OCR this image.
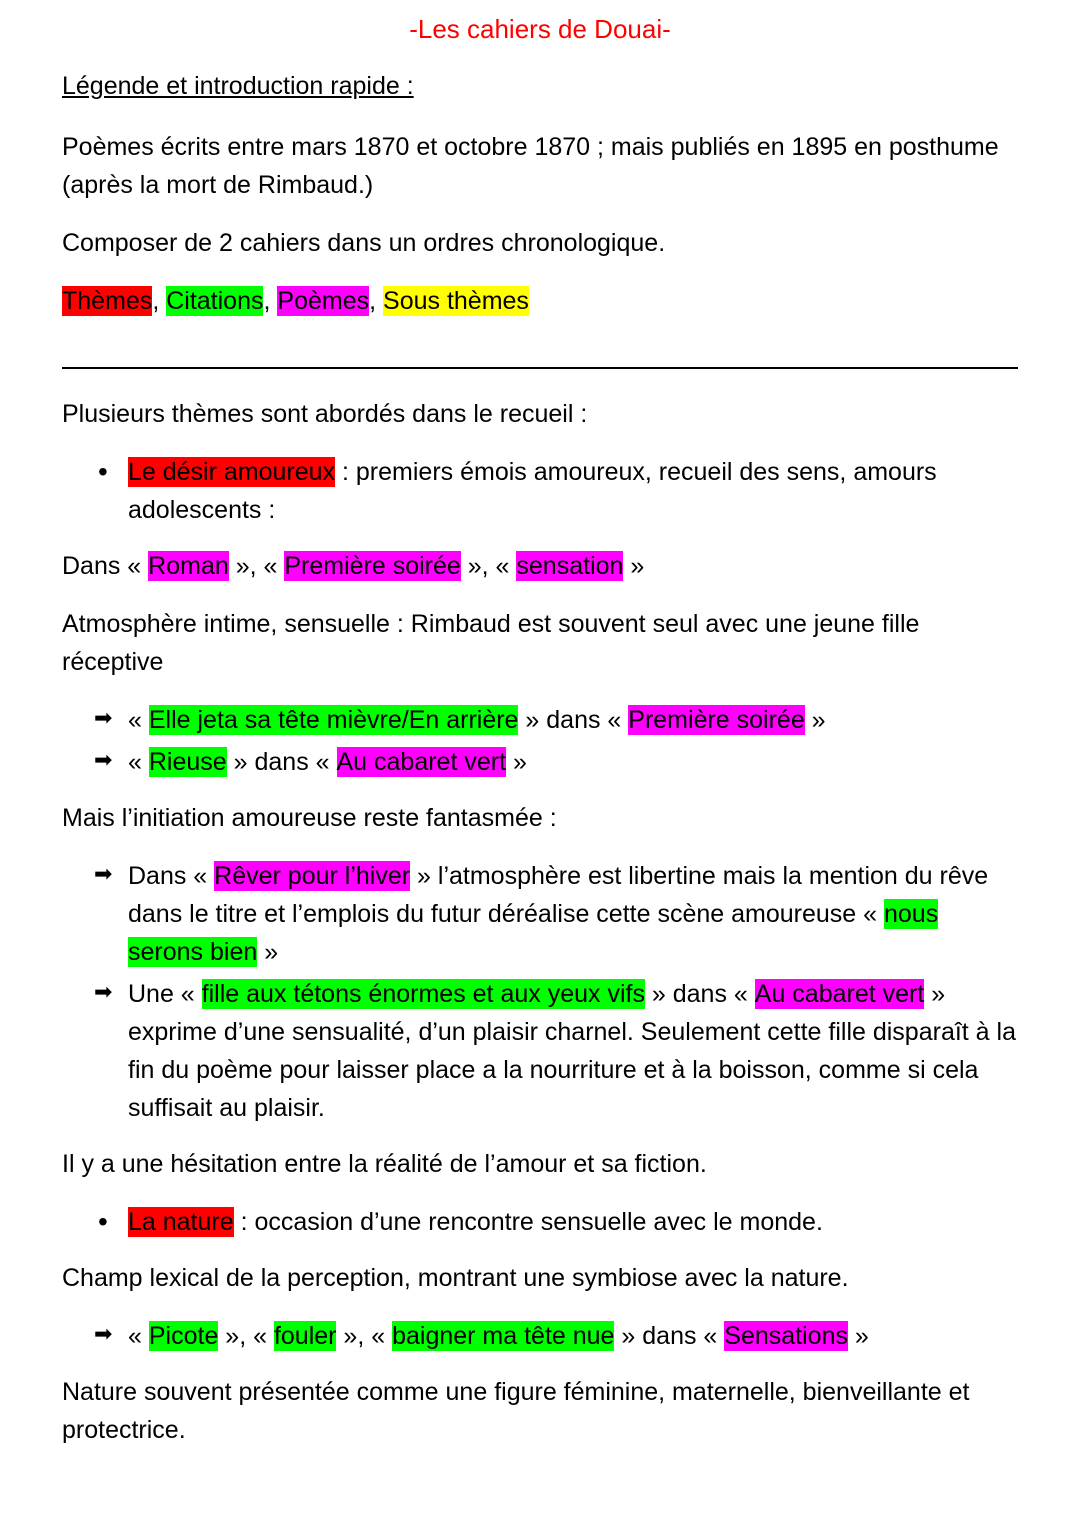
-Les cahiers de Douai-
Légende et introduction rapide :

Poèmes écrits entre mars 1870 et octobre 1870 ; mais publiés en 1895 en posthume (après la mort de Rimbaud.)

Composer de 2 cahiers dans un ordres chronologique.

Thèmes, Citations, Poèmes, Sous thèmes

Plusieurs thèmes sont abordés dans le recueil :

• Le désir amoureux : premiers émois amoureux, recueil des sens, amours adolescents :

Dans « Roman », « Première soirée », « sensation »

Atmosphère intime, sensuelle : Rimbaud est souvent seul avec une jeune fille réceptive

➡ « Elle jeta sa tête mièvre/En arrière » dans « Première soirée »
➡ « Rieuse » dans « Au cabaret vert »

Mais l’initiation amoureuse reste fantasmée :

➡ Dans « Rêver pour l’hiver » l’atmosphère est libertine mais la mention du rêve dans le titre et l’emplois du futur déréalise cette scène amoureuse « nous serons bien »
➡ Une « fille aux tétons énormes et aux yeux vifs » dans « Au cabaret vert » exprime d’une sensualité, d’un plaisir charnel. Seulement cette fille disparaît à la fin du poème pour laisser place a la nourriture et à la boisson, comme si cela suffisait au plaisir.

Il y a une hésitation entre la réalité de l’amour et sa fiction.

• La nature : occasion d’une rencontre sensuelle avec le monde.

Champ lexical de la perception, montrant une symbiose avec la nature.

➡ « Picote », « fouler », « baigner ma tête nue » dans « Sensations »

Nature souvent présentée comme une figure féminine, maternelle, bienveillante et protectrice.
